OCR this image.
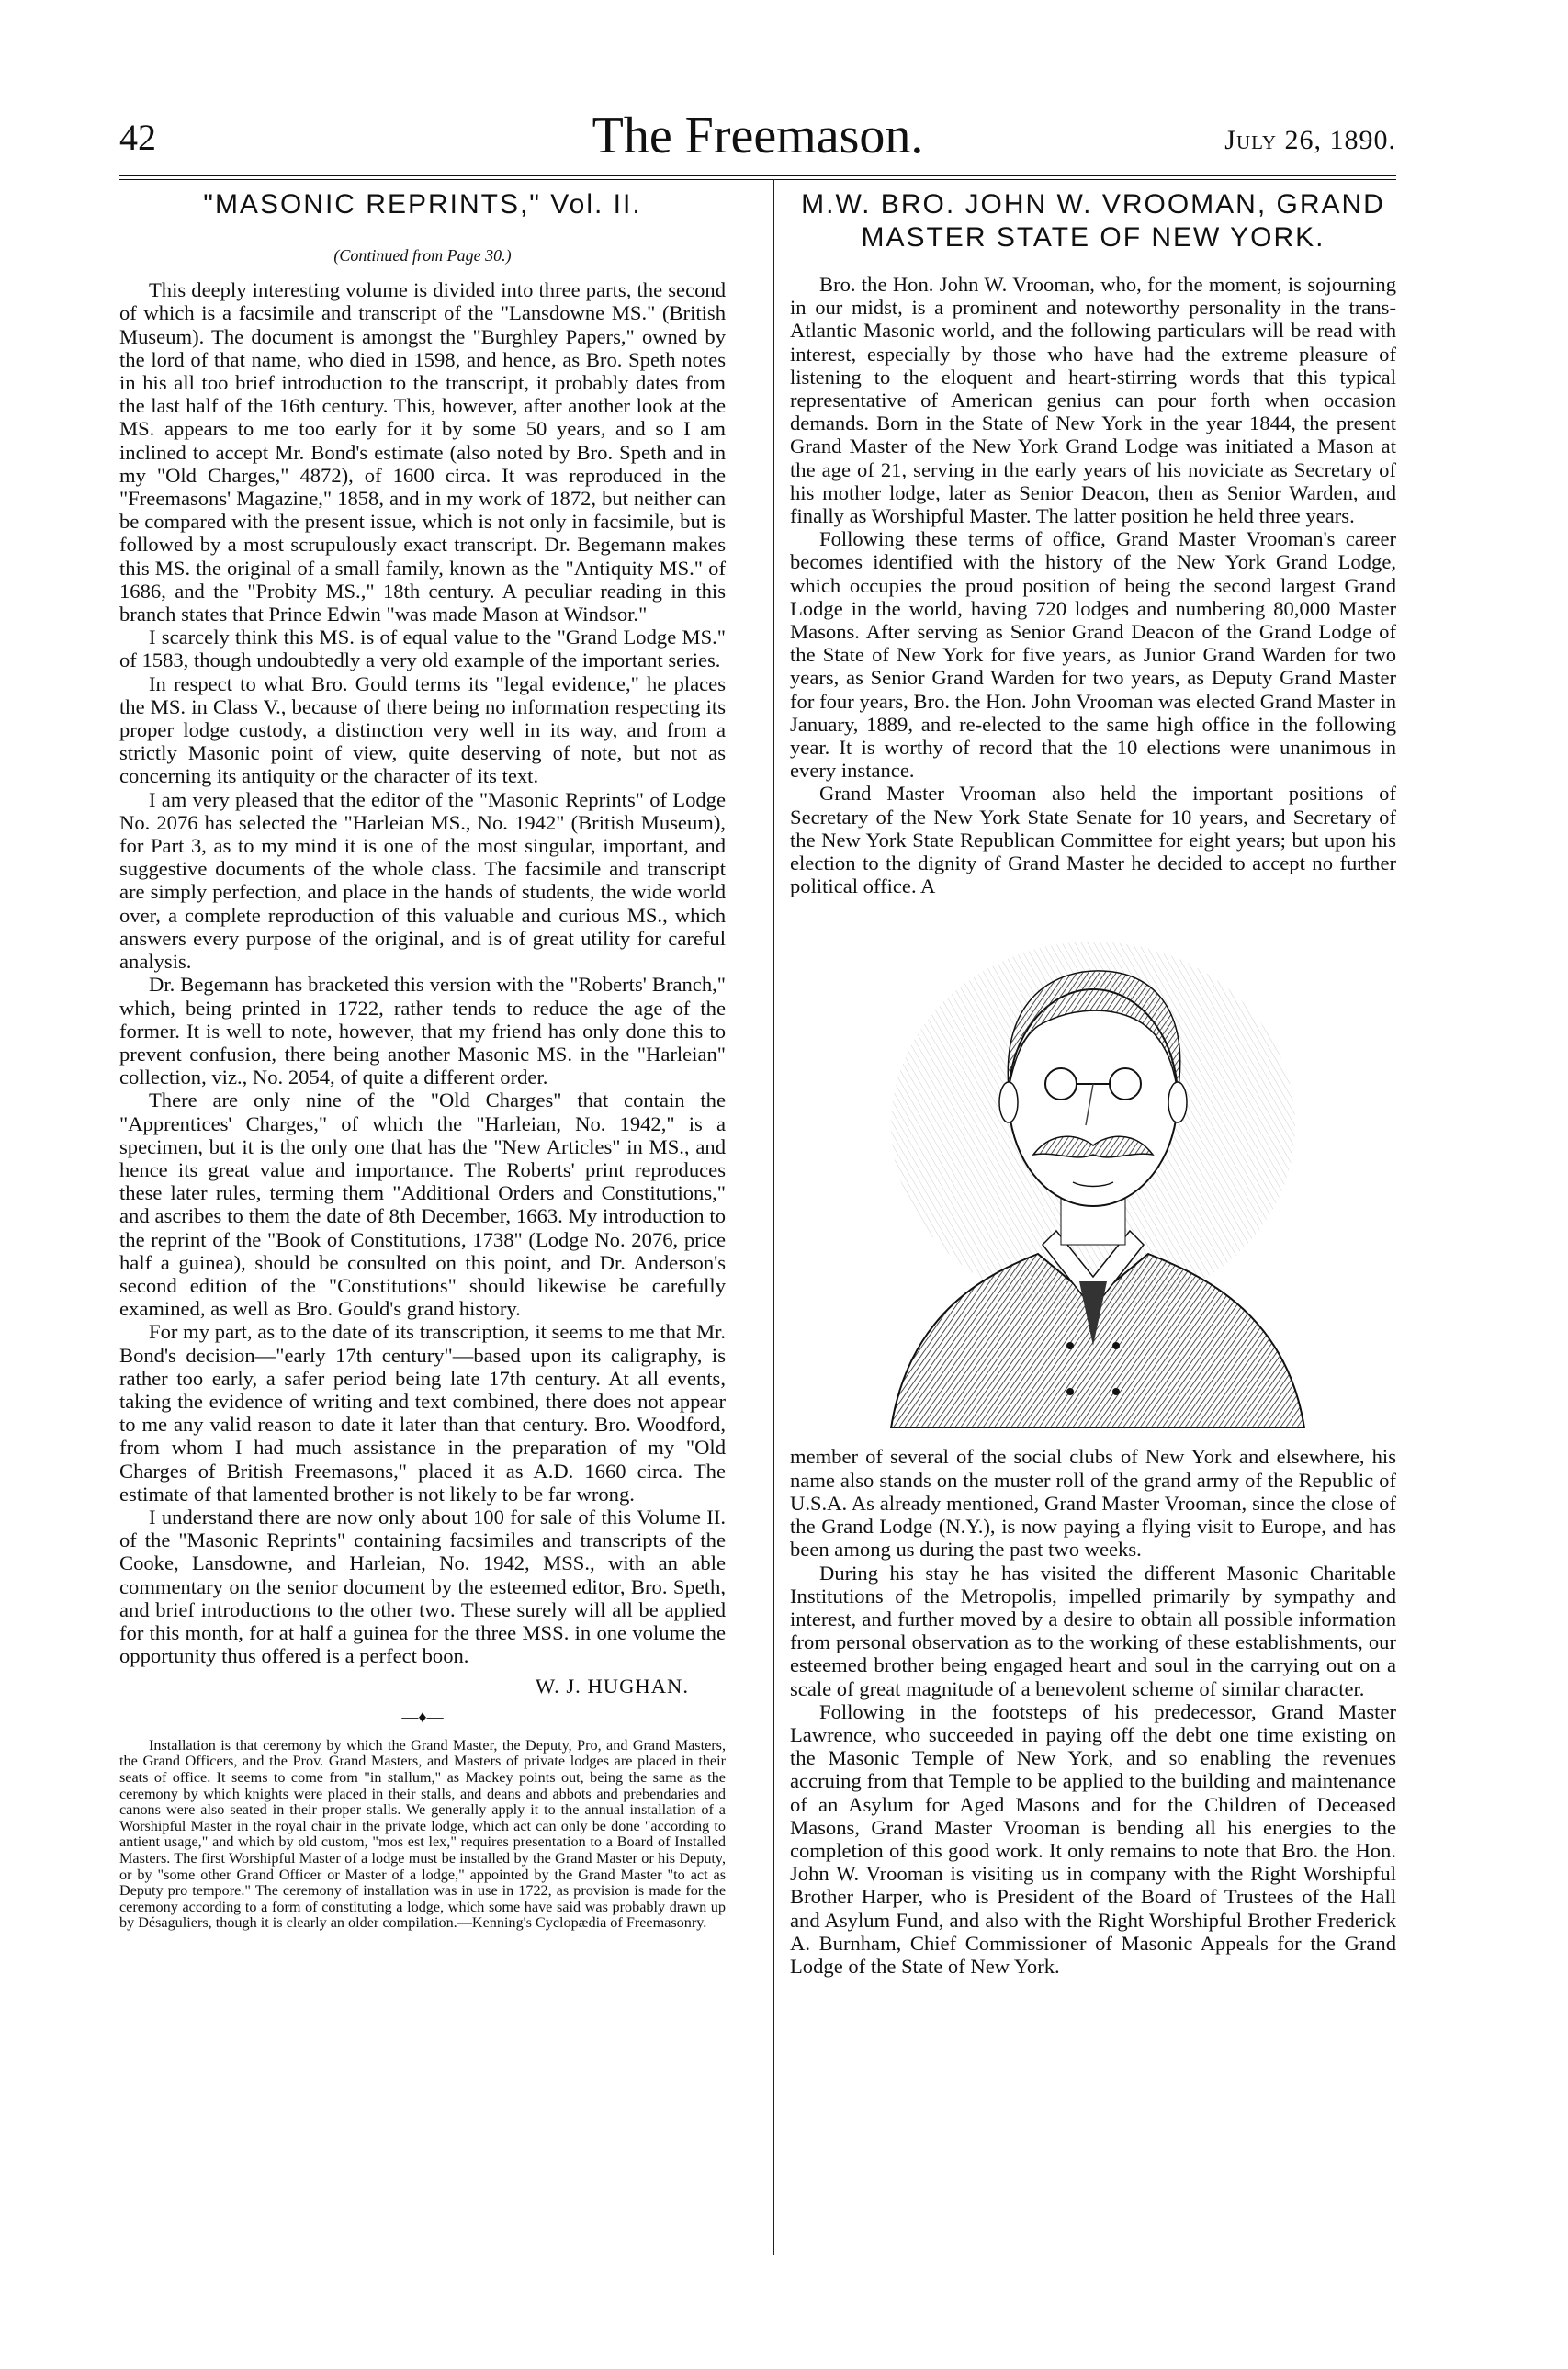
42	The Freemason.	July 26, 1890.
"MASONIC REPRINTS," Vol. II.
(Continued from Page 30.)

This deeply interesting volume is divided into three parts, the second of which is a facsimile and transcript of the "Lansdowne MS." (British Museum). The document is amongst the "Burghley Papers," owned by the lord of that name, who died in 1598, and hence, as Bro. Speth notes in his all too brief introduction to the transcript, it probably dates from the last half of the 16th century. This, however, after another look at the MS. appears to me too early for it by some 50 years, and so I am inclined to accept Mr. Bond's estimate (also noted by Bro. Speth and in my "Old Charges," 4872), of 1600 circa. It was reproduced in the "Freemasons' Magazine," 1858, and in my work of 1872, but neither can be compared with the present issue, which is not only in facsimile, but is followed by a most scrupulously exact transcript. Dr. Begemann makes this MS. the original of a small family, known as the "Antiquity MS." of 1686, and the "Probity MS.," 18th century. A peculiar reading in this branch states that Prince Edwin "was made Mason at Windsor."

I scarcely think this MS. is of equal value to the "Grand Lodge MS." of 1583, though undoubtedly a very old example of the important series.

In respect to what Bro. Gould terms its "legal evidence," he places the MS. in Class V., because of there being no information respecting its proper lodge custody, a distinction very well in its way, and from a strictly Masonic point of view, quite deserving of note, but not as concerning its antiquity or the character of its text.

I am very pleased that the editor of the "Masonic Reprints" of Lodge No. 2076 has selected the "Harleian MS., No. 1942" (British Museum), for Part 3, as to my mind it is one of the most singular, important, and suggestive documents of the whole class. The facsimile and transcript are simply perfection, and place in the hands of students, the wide world over, a complete reproduction of this valuable and curious MS., which answers every purpose of the original, and is of great utility for careful analysis.

Dr. Begemann has bracketed this version with the "Roberts' Branch," which, being printed in 1722, rather tends to reduce the age of the former. It is well to note, however, that my friend has only done this to prevent confusion, there being another Masonic MS. in the "Harleian" collection, viz., No. 2054, of quite a different order.

There are only nine of the "Old Charges" that contain the "Apprentices' Charges," of which the "Harleian, No. 1942," is a specimen, but it is the only one that has the "New Articles" in MS., and hence its great value and importance. The Roberts' print reproduces these later rules, terming them "Additional Orders and Constitutions," and ascribes to them the date of 8th December, 1663. My introduction to the reprint of the "Book of Constitutions, 1738" (Lodge No. 2076, price half a guinea), should be consulted on this point, and Dr. Anderson's second edition of the "Constitutions" should likewise be carefully examined, as well as Bro. Gould's grand history.

For my part, as to the date of its transcription, it seems to me that Mr. Bond's decision—"early 17th century"—based upon its caligraphy, is rather too early, a safer period being late 17th century. At all events, taking the evidence of writing and text combined, there does not appear to me any valid reason to date it later than that century. Bro. Woodford, from whom I had much assistance in the preparation of my "Old Charges of British Freemasons," placed it as A.D. 1660 circa. The estimate of that lamented brother is not likely to be far wrong.

I understand there are now only about 100 for sale of this Volume II. of the "Masonic Reprints" containing facsimiles and transcripts of the Cooke, Lansdowne, and Harleian, No. 1942, MSS., with an able commentary on the senior document by the esteemed editor, Bro. Speth, and brief introductions to the other two. These surely will all be applied for this month, for at half a guinea for the three MSS. in one volume the opportunity thus offered is a perfect boon.

W. J. HUGHAN.
—♦—

Installation is that ceremony by which the Grand Master, the Deputy, Pro, and Grand Masters, the Grand Officers, and the Prov. Grand Masters, and Masters of private lodges are placed in their seats of office. It seems to come from "in stallum," as Mackey points out, being the same as the ceremony by which knights were placed in their stalls, and deans and abbots and prebendaries and canons were also seated in their proper stalls. We generally apply it to the annual installation of a Worshipful Master in the royal chair in the private lodge, which act can only be done "according to antient usage," and which by old custom, "mos est lex," requires presentation to a Board of Installed Masters. The first Worshipful Master of a lodge must be installed by the Grand Master or his Deputy, or by "some other Grand Officer or Master of a lodge," appointed by the Grand Master "to act as Deputy pro tempore." The ceremony of installation was in use in 1722, as provision is made for the ceremony according to a form of constituting a lodge, which some have said was probably drawn up by Désaguliers, though it is clearly an older compilation.—Kenning's Cyclopædia of Freemasonry.

M.W. BRO. JOHN W. VROOMAN, GRAND MASTER STATE OF NEW YORK.

Bro. the Hon. John W. Vrooman, who, for the moment, is sojourning in our midst, is a prominent and noteworthy personality in the trans-Atlantic Masonic world, and the following particulars will be read with interest, especially by those who have had the extreme pleasure of listening to the eloquent and heart-stirring words that this typical representative of American genius can pour forth when occasion demands. Born in the State of New York in the year 1844, the present Grand Master of the New York Grand Lodge was initiated a Mason at the age of 21, serving in the early years of his noviciate as Secretary of his mother lodge, later as Senior Deacon, then as Senior Warden, and finally as Worshipful Master. The latter position he held three years.

Following these terms of office, Grand Master Vrooman's career becomes identified with the history of the New York Grand Lodge, which occupies the proud position of being the second largest Grand Lodge in the world, having 720 lodges and numbering 80,000 Master Masons. After serving as Senior Grand Deacon of the Grand Lodge of the State of New York for five years, as Junior Grand Warden for two years, as Senior Grand Warden for two years, as Deputy Grand Master for four years, Bro. the Hon. John Vrooman was elected Grand Master in January, 1889, and re-elected to the same high office in the following year. It is worthy of record that the 10 elections were unanimous in every instance.

Grand Master Vrooman also held the important positions of Secretary of the New York State Senate for 10 years, and Secretary of the New York State Republican Committee for eight years; but upon his election to the dignity of Grand Master he decided to accept no further political office. A

member of several of the social clubs of New York and elsewhere, his name also stands on the muster roll of the grand army of the Republic of U.S.A. As already mentioned, Grand Master Vrooman, since the close of the Grand Lodge (N.Y.), is now paying a flying visit to Europe, and has been among us during the past two weeks.

During his stay he has visited the different Masonic Charitable Institutions of the Metropolis, impelled primarily by sympathy and interest, and further moved by a desire to obtain all possible information from personal observation as to the working of these establishments, our esteemed brother being engaged heart and soul in the carrying out on a scale of great magnitude of a benevolent scheme of similar character.

Following in the footsteps of his predecessor, Grand Master Lawrence, who succeeded in paying off the debt one time existing on the Masonic Temple of New York, and so enabling the revenues accruing from that Temple to be applied to the building and maintenance of an Asylum for Aged Masons and for the Children of Deceased Masons, Grand Master Vrooman is bending all his energies to the completion of this good work. It only remains to note that Bro. the Hon. John W. Vrooman is visiting us in company with the Right Worshipful Brother Harper, who is President of the Board of Trustees of the Hall and Asylum Fund, and also with the Right Worshipful Brother Frederick A. Burnham, Chief Commissioner of Masonic Appeals for the Grand Lodge of the State of New York.
